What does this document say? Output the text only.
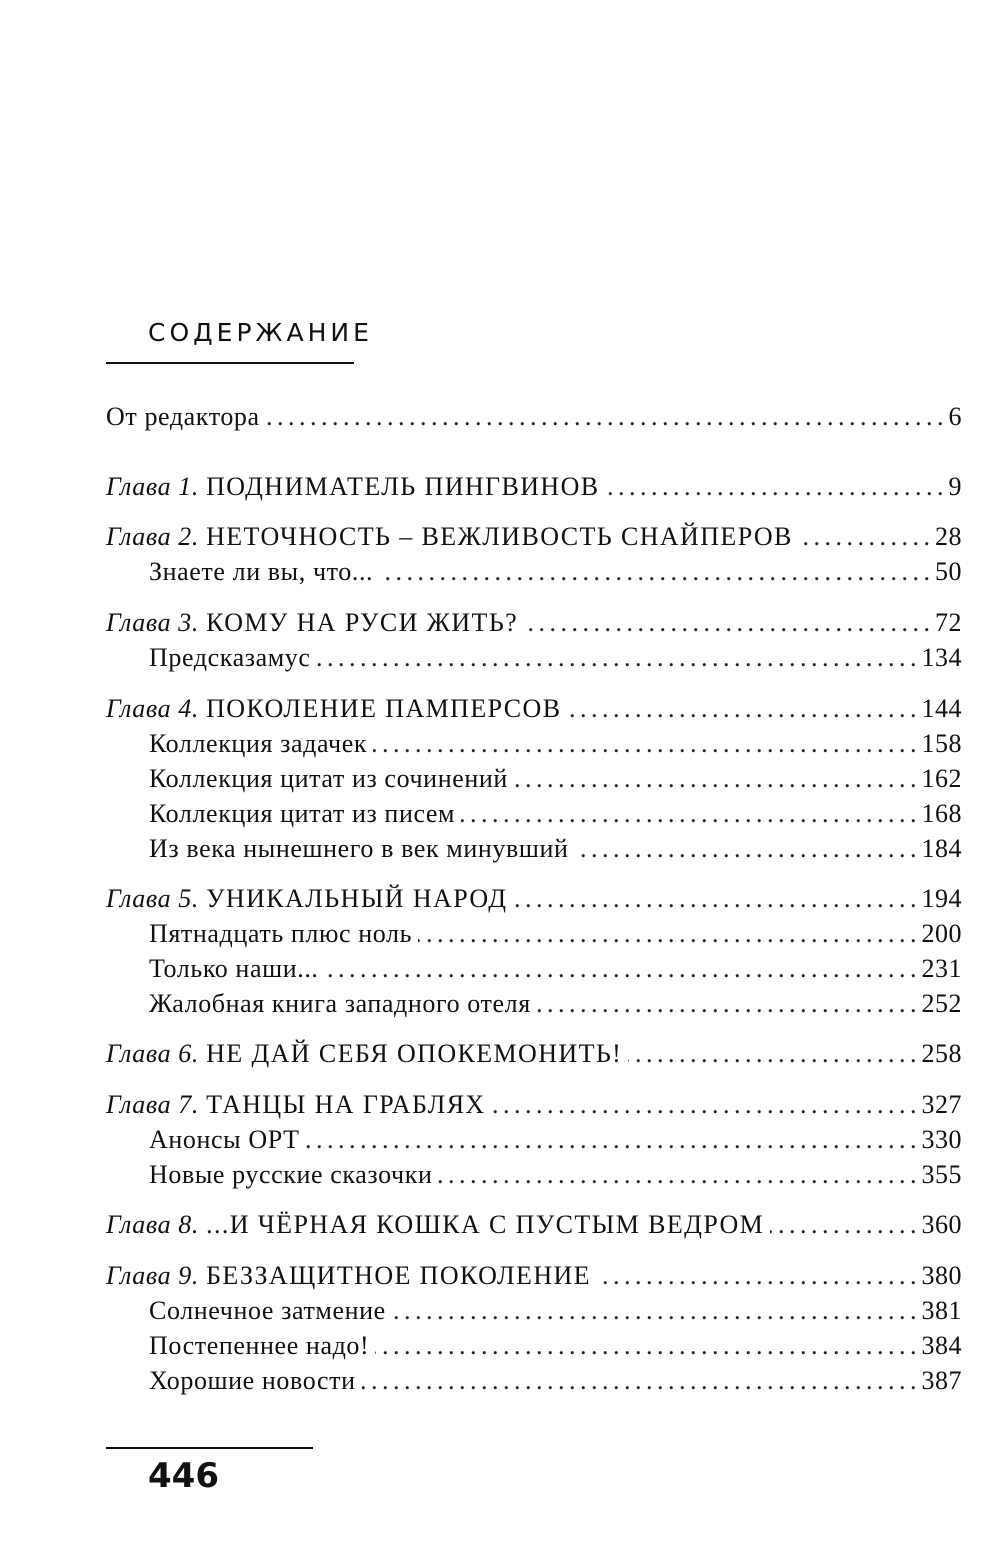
СОДЕРЖАНИЕ
От редактора . . .	6
Глава 1. ПОДНИМАТЕЛЬ ПИНГВИНОВ . . .	9
Глава 2. НЕТОЧНОСТЬ – ВЕЖЛИВОСТЬ СНАЙПЕРОВ . . .	28
Знаете ли вы, что... . . .	50
Глава 3. КОМУ НА РУСИ ЖИТЬ? . . .	72
Предсказамус . . .	134
Глава 4. ПОКОЛЕНИЕ ПАМПЕРСОВ . . .	144
Коллекция задачек . . .	158
Коллекция цитат из сочинений . . .	162
Коллекция цитат из писем . . .	168
Из века нынешнего в век минувший . . .	184
Глава 5. УНИКАЛЬНЫЙ НАРОД . . .	194
Пятнадцать плюс ноль . . .	200
Только наши... . . .	231
Жалобная книга западного отеля . . .	252
Глава 6. НЕ ДАЙ СЕБЯ ОПОКЕМОНИТЬ! . . .	258
Глава 7. ТАНЦЫ НА ГРАБЛЯХ . . .	327
Анонсы ОРТ . . .	330
Новые русские сказочки . . .	355
Глава 8. ...И ЧЁРНАЯ КОШКА С ПУСТЫМ ВЕДРОМ . . .	360
Глава 9. БЕЗЗАЩИТНОЕ ПОКОЛЕНИЕ . . .	380
Солнечное затмение . . .	381
Постепеннее надо! . . .	384
Хорошие новости . . .	387
446
